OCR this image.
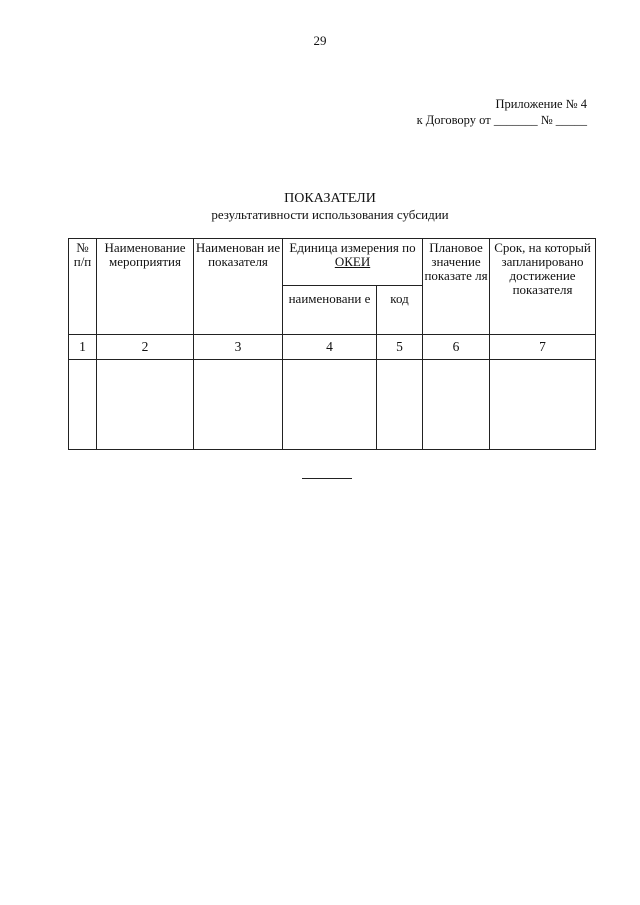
29
Приложение № 4
к Договору от _______ № _____
ПОКАЗАТЕЛИ
результативности использования субсидии
№ п/п	Наименование мероприятия	Наименован ие показателя	Единица измерения по ОКЕИ		Плановое значение показате ля	Срок, на который запланировано достижение показателя
			наименовани е	код		
1	2	3	4	5	6	7
